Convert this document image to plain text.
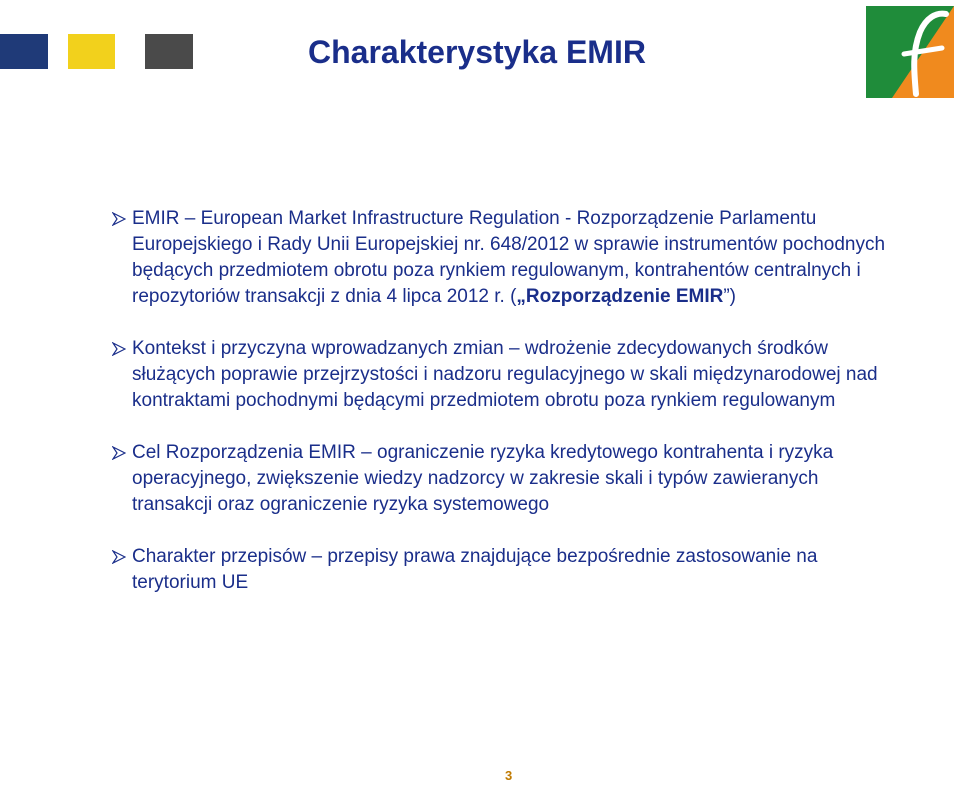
Charakterystyka EMIR
EMIR – European Market Infrastructure Regulation - Rozporządzenie Parlamentu Europejskiego i Rady Unii Europejskiej nr. 648/2012 w sprawie instrumentów pochodnych będących przedmiotem obrotu poza rynkiem regulowanym, kontrahentów centralnych i repozytoriów transakcji z dnia 4 lipca 2012 r. („Rozporządzenie EMIR”)
Kontekst i przyczyna wprowadzanych zmian – wdrożenie zdecydowanych środków służących poprawie przejrzystości i nadzoru regulacyjnego w skali międzynarodowej nad kontraktami pochodnymi będącymi przedmiotem obrotu poza rynkiem regulowanym
Cel Rozporządzenia EMIR – ograniczenie ryzyka kredytowego kontrahenta i ryzyka operacyjnego, zwiększenie wiedzy nadzorcy w zakresie skali i typów zawieranych transakcji oraz ograniczenie ryzyka systemowego
Charakter przepisów – przepisy prawa znajdujące bezpośrednie zastosowanie na terytorium UE
3
